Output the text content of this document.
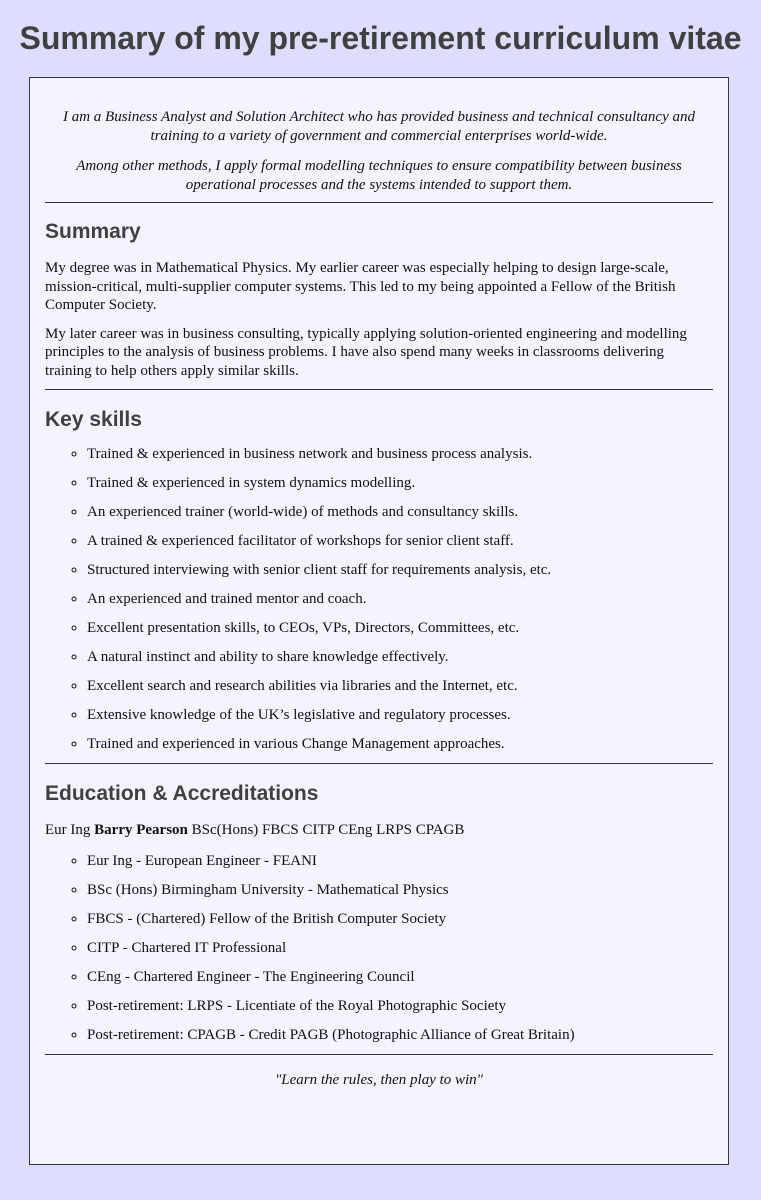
Summary of my pre-retirement curriculum vitae

I am a Business Analyst and Solution Architect who has provided business and technical consultancy and training to a variety of government and commercial enterprises world-wide.

Among other methods, I apply formal modelling techniques to ensure compatibility between business operational processes and the systems intended to support them.

Summary

My degree was in Mathematical Physics. My earlier career was especially helping to design large-scale, mission-critical, multi-supplier computer systems. This led to my being appointed a Fellow of the British Computer Society.

My later career was in business consulting, typically applying solution-oriented engineering and modelling principles to the analysis of business problems. I have also spend many weeks in classrooms delivering training to help others apply similar skills.

Key skills
◦ Trained & experienced in business network and business process analysis.
◦ Trained & experienced in system dynamics modelling.
◦ An experienced trainer (world-wide) of methods and consultancy skills.
◦ A trained & experienced facilitator of workshops for senior client staff.
◦ Structured interviewing with senior client staff for requirements analysis, etc.
◦ An experienced and trained mentor and coach.
◦ Excellent presentation skills, to CEOs, VPs, Directors, Committees, etc.
◦ A natural instinct and ability to share knowledge effectively.
◦ Excellent search and research abilities via libraries and the Internet, etc.
◦ Extensive knowledge of the UK’s legislative and regulatory processes.
◦ Trained and experienced in various Change Management approaches.
Education & Accreditations

Eur Ing Barry Pearson BSc(Hons) FBCS CITP CEng LRPS CPAGB

◦ Eur Ing - European Engineer - FEANI
◦ BSc (Hons) Birmingham University - Mathematical Physics
◦ FBCS - (Chartered) Fellow of the British Computer Society
◦ CITP - Chartered IT Professional
◦ CEng - Chartered Engineer - The Engineering Council
◦ Post-retirement: LRPS - Licentiate of the Royal Photographic Society
◦ Post-retirement: CPAGB - Credit PAGB (Photographic Alliance of Great Britain)

"Learn the rules, then play to win"
